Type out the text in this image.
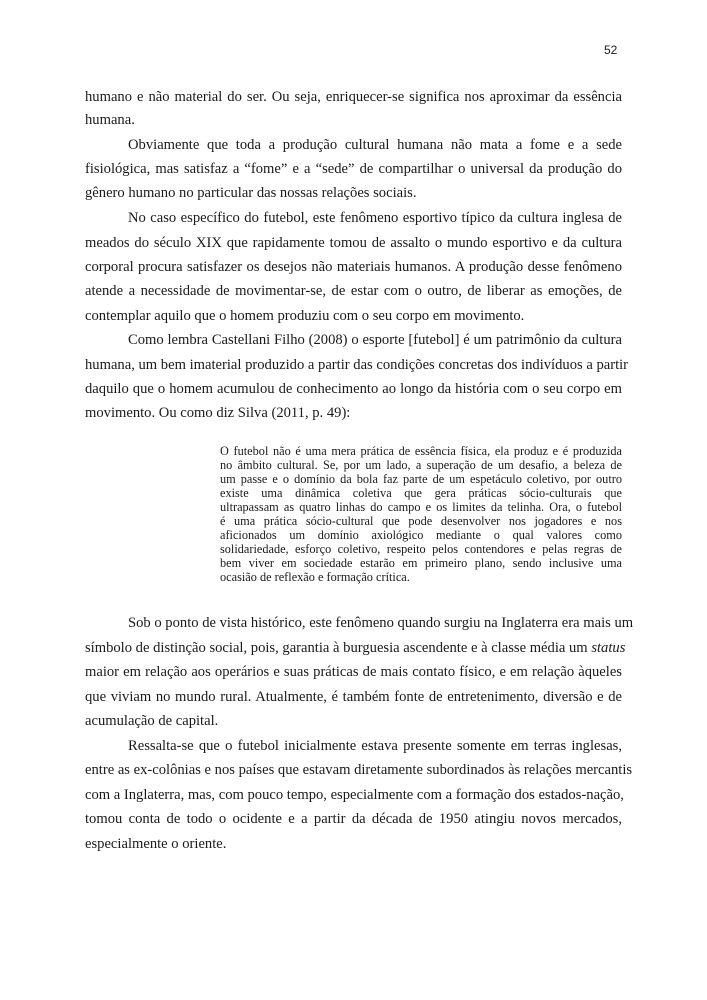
52
humano e não material do ser. Ou seja, enriquecer-se significa nos aproximar da essência
humana.
Obviamente que toda a produção cultural humana não mata a fome e a sede
fisiológica, mas satisfaz a “fome” e a “sede” de compartilhar o universal da produção do
gênero humano no particular das nossas relações sociais.
No caso específico do futebol, este fenômeno esportivo típico da cultura inglesa de
meados do século XIX que rapidamente tomou de assalto o mundo esportivo e da cultura
corporal procura satisfazer os desejos não materiais humanos. A produção desse fenômeno
atende a necessidade de movimentar-se, de estar com o outro, de liberar as emoções, de
contemplar aquilo que o homem produziu com o seu corpo em movimento.
Como lembra Castellani Filho (2008) o esporte [futebol] é um patrimônio da cultura
humana, um bem imaterial produzido a partir das condições concretas dos indivíduos a partir
daquilo que o homem acumulou de conhecimento ao longo da história com o seu corpo em
movimento. Ou como diz Silva (2011, p. 49):
O futebol não é uma mera prática de essência física, ela produz e é produzida
no âmbito cultural. Se, por um lado, a superação de um desafio, a beleza de
um passe e o domínio da bola faz parte de um espetáculo coletivo, por outro
existe uma dinâmica coletiva que gera práticas sócio-culturais que
ultrapassam as quatro linhas do campo e os limites da telinha. Ora, o futebol
é uma prática sócio-cultural que pode desenvolver nos jogadores e nos
aficionados um domínio axiológico mediante o qual valores como
solidariedade, esforço coletivo, respeito pelos contendores e pelas regras de
bem viver em sociedade estarão em primeiro plano, sendo inclusive uma
ocasião de reflexão e formação crítica.
Sob o ponto de vista histórico, este fenômeno quando surgiu na Inglaterra era mais um
símbolo de distinção social, pois, garantia à burguesia ascendente e à classe média um status
maior em relação aos operários e suas práticas de mais contato físico, e em relação àqueles
que viviam no mundo rural. Atualmente, é também fonte de entretenimento, diversão e de
acumulação de capital.
Ressalta-se que o futebol inicialmente estava presente somente em terras inglesas,
entre as ex-colônias e nos países que estavam diretamente subordinados às relações mercantis
com a Inglaterra, mas, com pouco tempo, especialmente com a formação dos estados-nação,
tomou conta de todo o ocidente e a partir da década de 1950 atingiu novos mercados,
especialmente o oriente.
